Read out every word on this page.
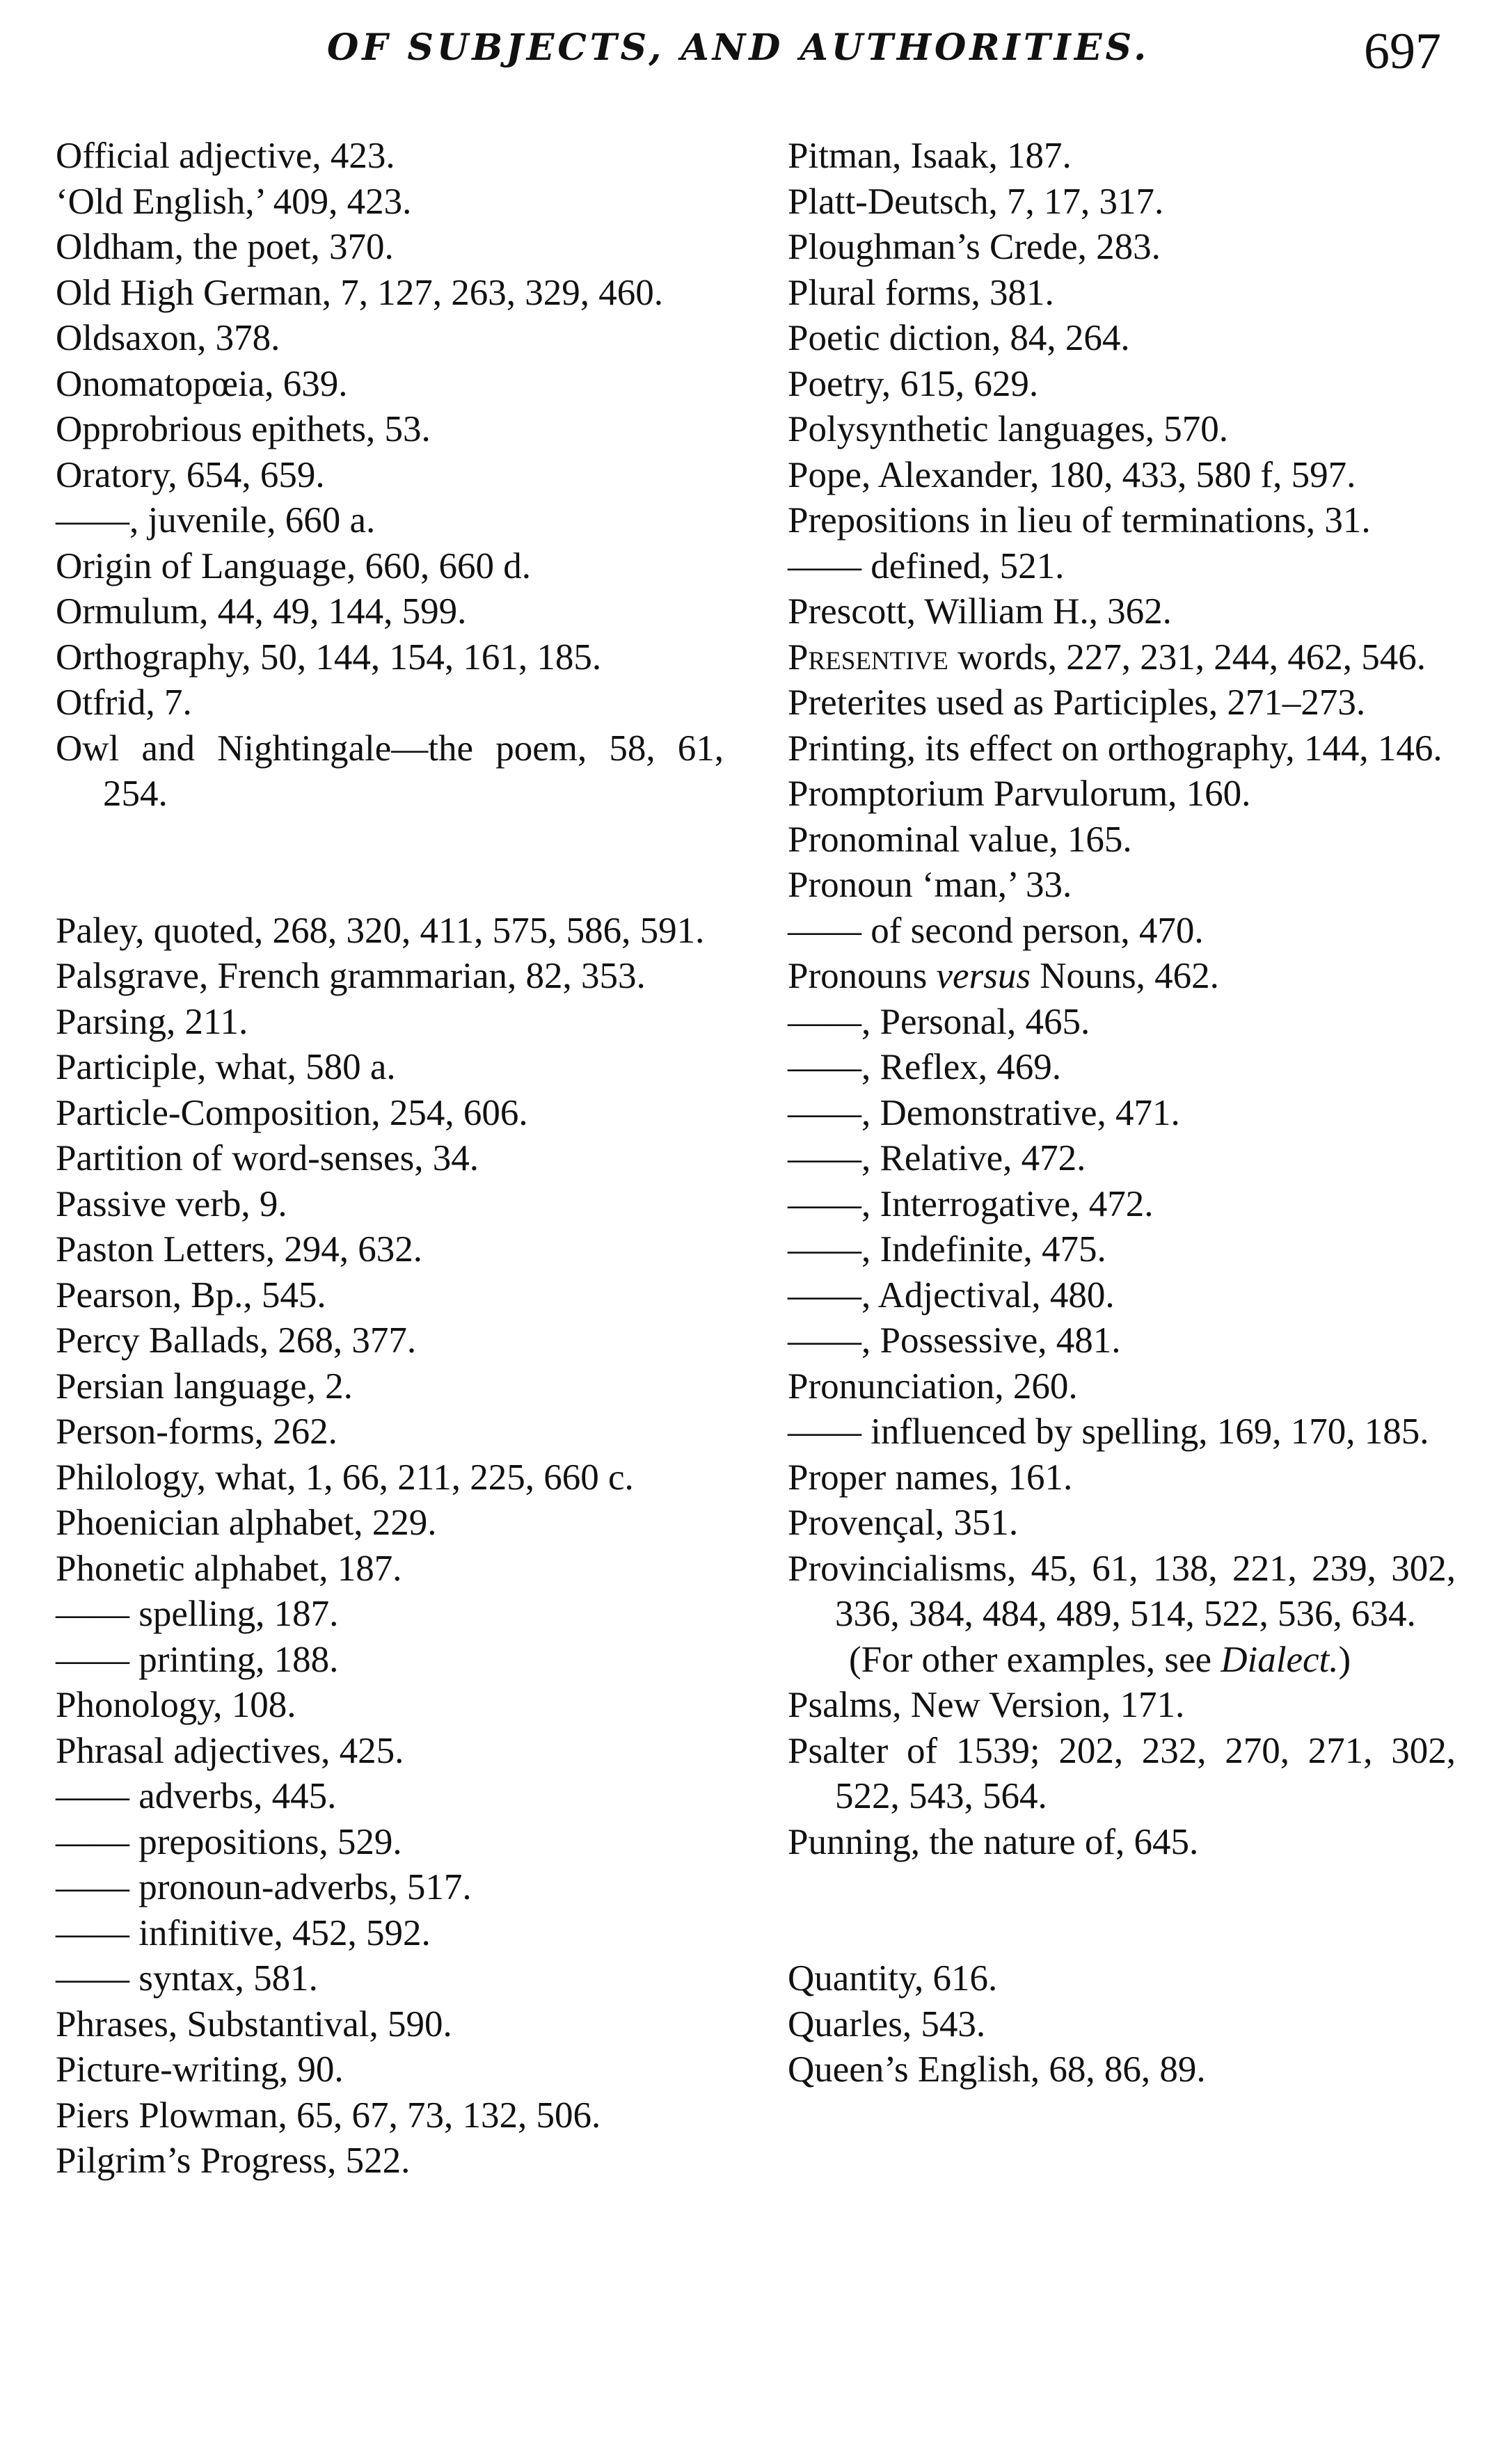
OF SUBJECTS, AND AUTHORITIES.	697
Official adjective, 423.
‘Old English,’ 409, 423.
Oldham, the poet, 370.
Old High German, 7, 127, 263, 329, 460.
Oldsaxon, 378.
Onomatopœia, 639.
Opprobrious epithets, 53.
Oratory, 654, 659.
——, juvenile, 660 a.
Origin of Language, 660, 660 d.
Ormulum, 44, 49, 144, 599.
Orthography, 50, 144, 154, 161, 185.
Otfrid, 7.
Owl and Nightingale—the poem, 58, 61, 254.
Paley, quoted, 268, 320, 411, 575, 586, 591.
Palsgrave, French grammarian, 82, 353.
Parsing, 211.
Participle, what, 580 a.
Particle-Composition, 254, 606.
Partition of word-senses, 34.
Passive verb, 9.
Paston Letters, 294, 632.
Pearson, Bp., 545.
Percy Ballads, 268, 377.
Persian language, 2.
Person-forms, 262.
Philology, what, 1, 66, 211, 225, 660 c.
Phoenician alphabet, 229.
Phonetic alphabet, 187.
—— spelling, 187.
—— printing, 188.
Phonology, 108.
Phrasal adjectives, 425.
—— adverbs, 445.
—— prepositions, 529.
—— pronoun-adverbs, 517.
—— infinitive, 452, 592.
—— syntax, 581.
Phrases, Substantival, 590.
Picture-writing, 90.
Piers Plowman, 65, 67, 73, 132, 506.
Pilgrim’s Progress, 522.
Pitman, Isaak, 187.
Platt-Deutsch, 7, 17, 317.
Ploughman’s Crede, 283.
Plural forms, 381.
Poetic diction, 84, 264.
Poetry, 615, 629.
Polysynthetic languages, 570.
Pope, Alexander, 180, 433, 580 f, 597.
Prepositions in lieu of terminations, 31.
—— defined, 521.
Prescott, William H., 362.
Presentive words, 227, 231, 244, 462, 546.
Preterites used as Participles, 271–273.
Printing, its effect on orthography, 144, 146.
Promptorium Parvulorum, 160.
Pronominal value, 165.
Pronoun ‘man,’ 33.
—— of second person, 470.
Pronouns versus Nouns, 462.
——, Personal, 465.
——, Reflex, 469.
——, Demonstrative, 471.
——, Relative, 472.
——, Interrogative, 472.
——, Indefinite, 475.
——, Adjectival, 480.
——, Possessive, 481.
Pronunciation, 260.
—— influenced by spelling, 169, 170, 185.
Proper names, 161.
Provençal, 351.
Provincialisms, 45, 61, 138, 221, 239, 302, 336, 384, 484, 489, 514, 522, 536, 634.
(For other examples, see Dialect.)
Psalms, New Version, 171.
Psalter of 1539; 202, 232, 270, 271, 302, 522, 543, 564.
Punning, the nature of, 645.
Quantity, 616.
Quarles, 543.
Queen’s English, 68, 86, 89.
